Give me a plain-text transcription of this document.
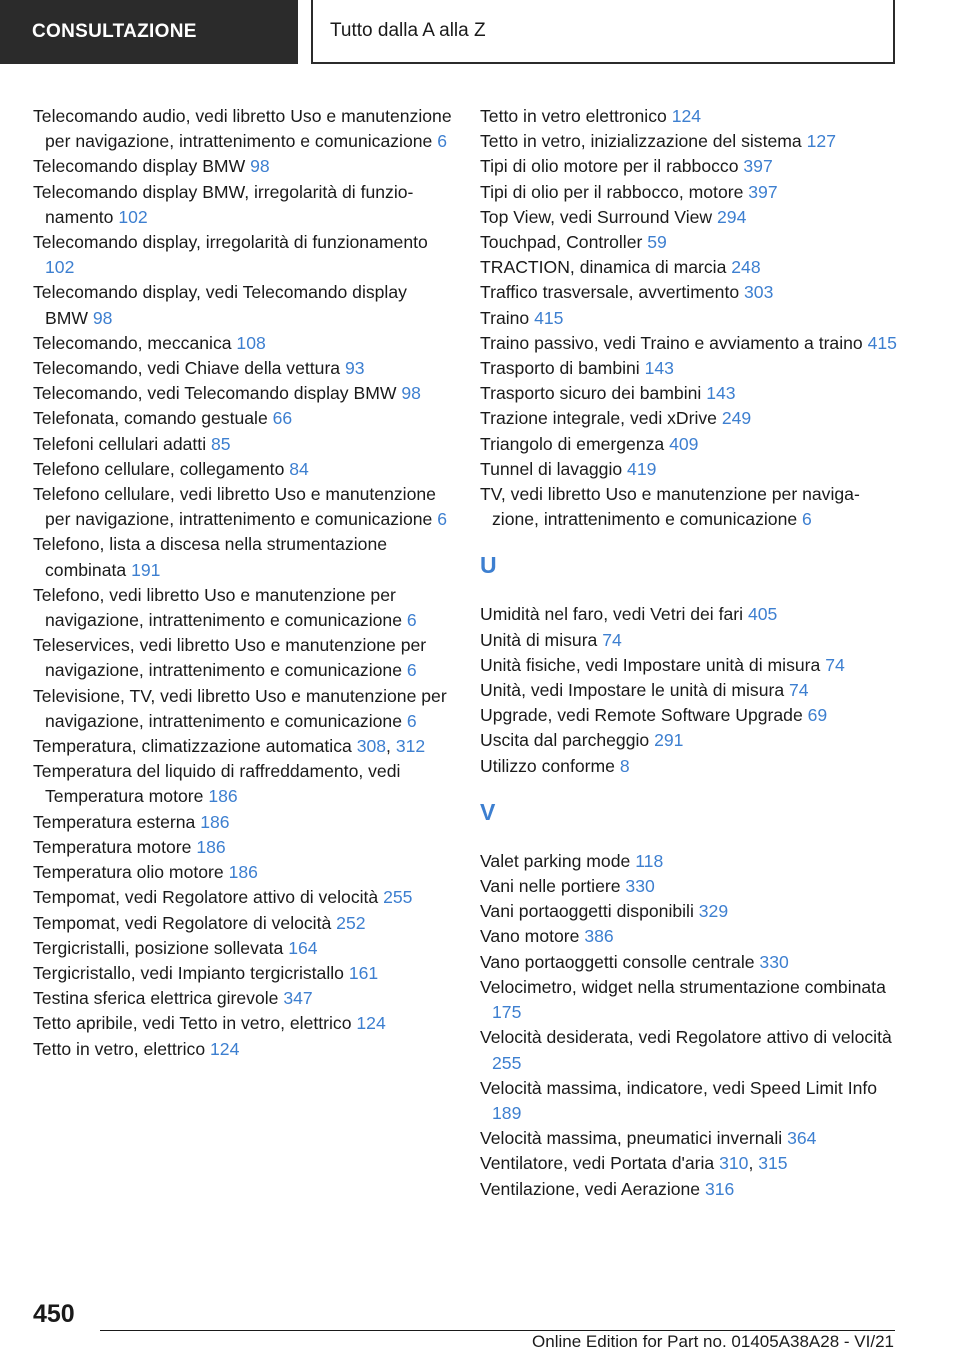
CONSULTAZIONE	Tutto dalla A alla Z

Telecomando audio, vedi libretto Uso e manutenzione per navigazione, intrattenimento e comunicazione 6

Telecomando display BMW 98

Telecomando display BMW, irregolarità di funzionamento 102

Telecomando display, irregolarità di funzionamento 102

Telecomando display, vedi Telecomando display BMW 98

Telecomando, meccanica 108

Telecomando, vedi Chiave della vettura 93

Telecomando, vedi Telecomando display BMW 98

Telefonata, comando gestuale 66

Telefoni cellulari adatti 85

Telefono cellulare, collegamento 84

Telefono cellulare, vedi libretto Uso e manutenzione per navigazione, intrattenimento e comunicazione 6

Telefono, lista a discesa nella strumentazione combinata 191

Telefono, vedi libretto Uso e manutenzione per navigazione, intrattenimento e comunicazione 6

Teleservices, vedi libretto Uso e manutenzione per navigazione, intrattenimento e comunicazione 6

Televisione, TV, vedi libretto Uso e manutenzione per navigazione, intrattenimento e comunicazione 6

Temperatura, climatizzazione automatica 308, 312

Temperatura del liquido di raffreddamento, vedi Temperatura motore 186

Temperatura esterna 186

Temperatura motore 186

Temperatura olio motore 186

Tempomat, vedi Regolatore attivo di velocità 255

Tempomat, vedi Regolatore di velocità 252

Tergicristalli, posizione sollevata 164

Tergicristallo, vedi Impianto tergicristallo 161

Testina sferica elettrica girevole 347

Tetto apribile, vedi Tetto in vetro, elettrico 124

Tetto in vetro, elettrico 124

Tetto in vetro elettronico 124

Tetto in vetro, inizializzazione del sistema 127

Tipi di olio motore per il rabbocco 397

Tipi di olio per il rabbocco, motore 397

Top View, vedi Surround View 294

Touchpad, Controller 59

TRACTION, dinamica di marcia 248

Traffico trasversale, avvertimento 303

Traino 415

Traino passivo, vedi Traino e avviamento a traino 415

Trasporto di bambini 143

Trasporto sicuro dei bambini 143

Trazione integrale, vedi xDrive 249

Triangolo di emergenza 409

Tunnel di lavaggio 419

TV, vedi libretto Uso e manutenzione per navigazione, intrattenimento e comunicazione 6

U

Umidità nel faro, vedi Vetri dei fari 405

Unità di misura 74

Unità fisiche, vedi Impostare unità di misura 74

Unità, vedi Impostare le unità di misura 74

Upgrade, vedi Remote Software Upgrade 69

Uscita dal parcheggio 291

Utilizzo conforme 8

V

Valet parking mode 118

Vani nelle portiere 330

Vani portaoggetti disponibili 329

Vano motore 386

Vano portaoggetti consolle centrale 330

Velocimetro, widget nella strumentazione combinata 175

Velocità desiderata, vedi Regolatore attivo di velocità 255

Velocità massima, indicatore, vedi Speed Limit Info 189

Velocità massima, pneumatici invernali 364

Ventilatore, vedi Portata d'aria 310, 315

Ventilazione, vedi Aerazione 316

450
Online Edition for Part no. 01405A38A28 - VI/21
